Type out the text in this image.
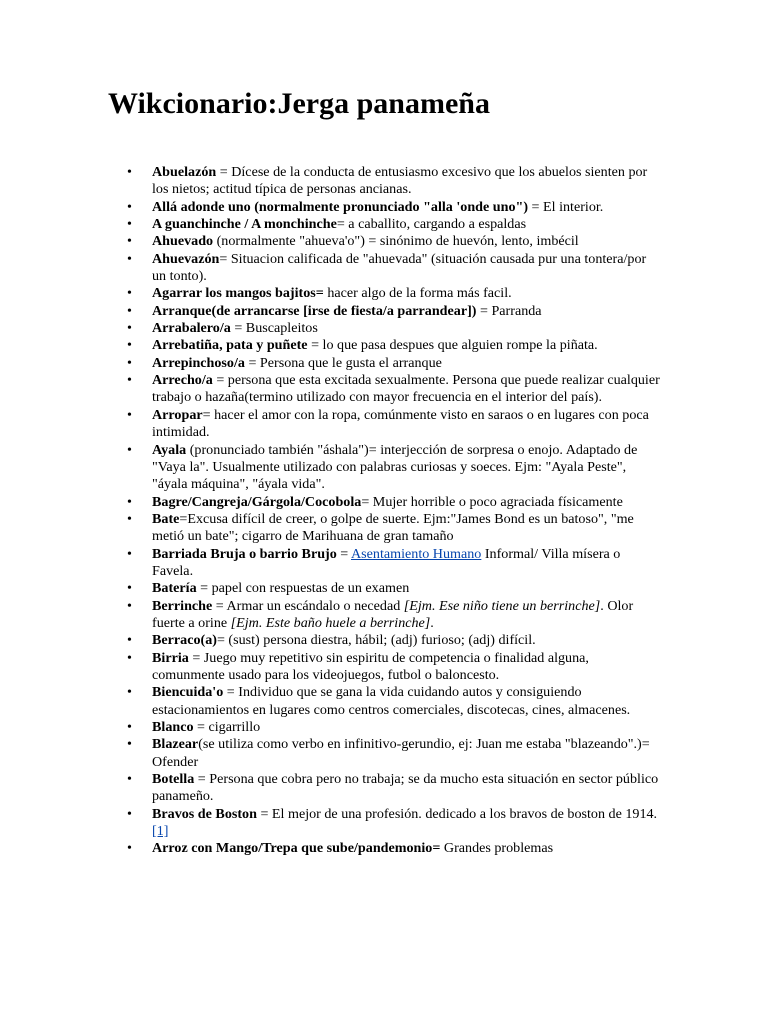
Wikcionario:Jerga panameña
• Abuelazón = Dícese de la conducta de entusiasmo excesivo que los abuelos sienten por los nietos; actitud típica de personas ancianas.
• Allá adonde uno (normalmente pronunciado "alla 'onde uno") = El interior.
• A guanchinche / A monchinche= a caballito, cargando a espaldas
• Ahuevado (normalmente "ahueva'o") = sinónimo de huevón, lento, imbécil
• Ahuevazón= Situacion calificada de "ahuevada" (situación causada pur una tontera/por un tonto).
• Agarrar los mangos bajitos= hacer algo de la forma más facil.
• Arranque(de arrancarse [irse de fiesta/a parrandear]) = Parranda
• Arrabalero/a = Buscapleitos
• Arrebatiña, pata y puñete = lo que pasa despues que alguien rompe la piñata.
• Arrepinchoso/a = Persona que le gusta el arranque
• Arrecho/a = persona que esta excitada sexualmente. Persona que puede realizar cualquier trabajo o hazaña(termino utilizado con mayor frecuencia en el interior del país).
• Arropar= hacer el amor con la ropa, comúnmente visto en saraos o en lugares con poca intimidad.
• Ayala (pronunciado también "áshala")= interjección de sorpresa o enojo. Adaptado de "Vaya la". Usualmente utilizado con palabras curiosas y soeces. Ejm: "Ayala Peste", "áyala máquina", "áyala vida".
• Bagre/Cangreja/Gárgola/Cocobola= Mujer horrible o poco agraciada físicamente
• Bate=Excusa difícil de creer, o golpe de suerte. Ejm:"James Bond es un batoso", "me metió un bate"; cigarro de Marihuana de gran tamaño
• Barriada Bruja o barrio Brujo = Asentamiento Humano Informal/ Villa mísera o Favela.
• Batería = papel con respuestas de un examen
• Berrinche = Armar un escándalo o necedad [Ejm. Ese niño tiene un berrinche]. Olor fuerte a orine [Ejm. Este baño huele a berrinche].
• Berraco(a)= (sust) persona diestra, hábil; (adj) furioso; (adj) difícil.
• Birria = Juego muy repetitivo sin espiritu de competencia o finalidad alguna, comunmente usado para los videojuegos, futbol o baloncesto.
• Biencuida'o = Individuo que se gana la vida cuidando autos y consiguiendo estacionamientos en lugares como centros comerciales, discotecas, cines, almacenes.
• Blanco = cigarrillo
• Blazear(se utiliza como verbo en infinitivo-gerundio, ej: Juan me estaba "blazeando".)= Ofender
• Botella = Persona que cobra pero no trabaja; se da mucho esta situación en sector público panameño.
• Bravos de Boston = El mejor de una profesión. dedicado a los bravos de boston de 1914. [1]
• Arroz con Mango/Trepa que sube/pandemonio= Grandes problemas
